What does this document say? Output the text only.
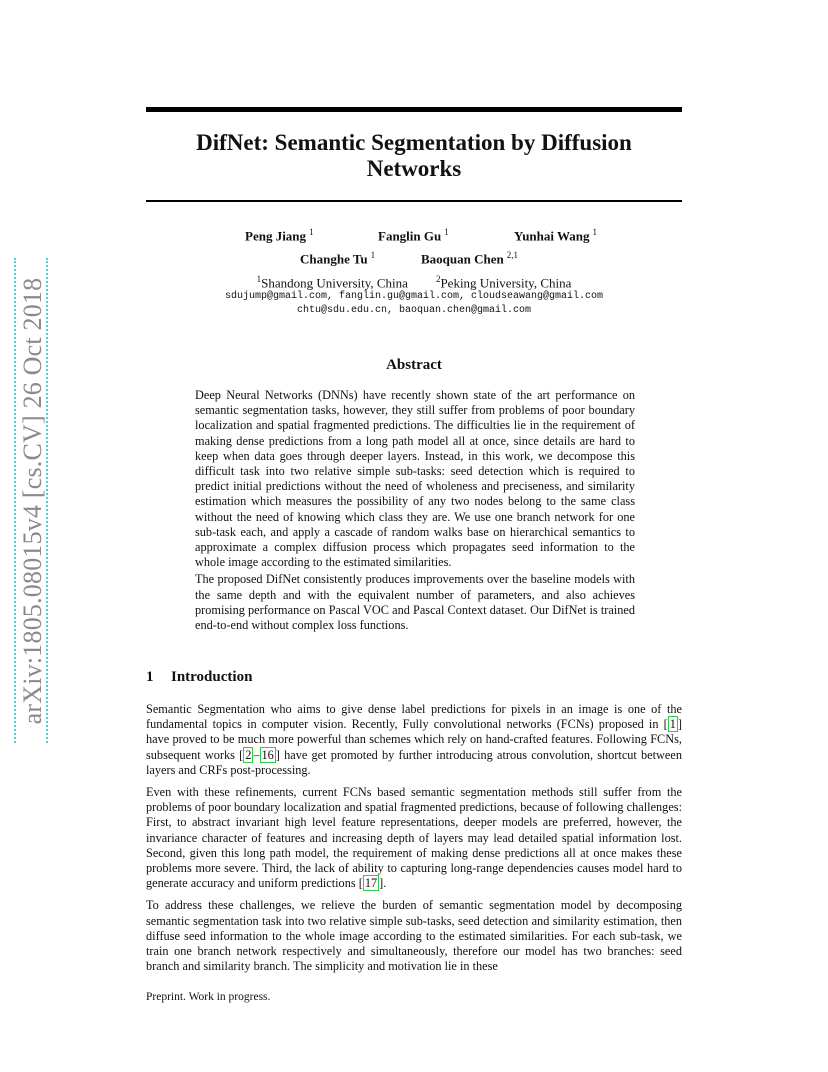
arXiv:1805.08015v4 [cs.CV] 26 Oct 2018
DifNet: Semantic Segmentation by Diffusion
Networks
Peng Jiang $^1$	Fanglin Gu $^1$	Yunhai Wang $^1$
Changhe Tu $^1$	Baoquan Chen $^{2,1}$
$^1$Shandong University, China	$^2$Peking University, China
sdujump@gmail.com, fanglin.gu@gmail.com, cloudseawang@gmail.com
chtu@sdu.edu.cn, baoquan.chen@gmail.com
Abstract

Deep Neural Networks (DNNs) have recently shown state of the art performance on semantic segmentation tasks, however, they still suffer from problems of poor boundary localization and spatial fragmented predictions. The difficulties lie in the requirement of making dense predictions from a long path model all at once, since details are hard to keep when data goes through deeper layers. Instead, in this work, we decompose this difficult task into two relative simple sub-tasks: seed detection which is required to predict initial predictions without the need of wholeness and preciseness, and similarity estimation which measures the possibility of any two nodes belong to the same class without the need of knowing which class they are. We use one branch network for one sub-task each, and apply a cascade of random walks base on hierarchical semantics to approximate a complex diffusion process which propagates seed information to the whole image according to the estimated similarities.

The proposed DifNet consistently produces improvements over the baseline models with the same depth and with the equivalent number of parameters, and also achieves promising performance on Pascal VOC and Pascal Context dataset. Our DifNet is trained end-to-end without complex loss functions.

1 Introduction

Semantic Segmentation who aims to give dense label predictions for pixels in an image is one of the fundamental topics in computer vision. Recently, Fully convolutional networks (FCNs) proposed in [ 1 ] have proved to be much more powerful than schemes which rely on hand-crafted features. Following FCNs, subsequent works [ 2 – 16 ] have get promoted by further introducing atrous convolution, shortcut between layers and CRFs post-processing.

Even with these refinements, current FCNs based semantic segmentation methods still suffer from the problems of poor boundary localization and spatial fragmented predictions, because of following challenges: First, to abstract invariant high level feature representations, deeper models are preferred, however, the invariance character of features and increasing depth of layers may lead detailed spatial information lost. Second, given this long path model, the requirement of making dense predictions all at once makes these problems more severe. Third, the lack of ability to capturing long-range dependencies causes model hard to generate accuracy and uniform predictions [ 17 ].

To address these challenges, we relieve the burden of semantic segmentation model by decomposing semantic segmentation task into two relative simple sub-tasks, seed detection and similarity estimation, then diffuse seed information to the whole image according to the estimated similarities. For each sub-task, we train one branch network respectively and simultaneously, therefore our model has two branches: seed branch and similarity branch. The simplicity and motivation lie in these

Preprint. Work in progress.
